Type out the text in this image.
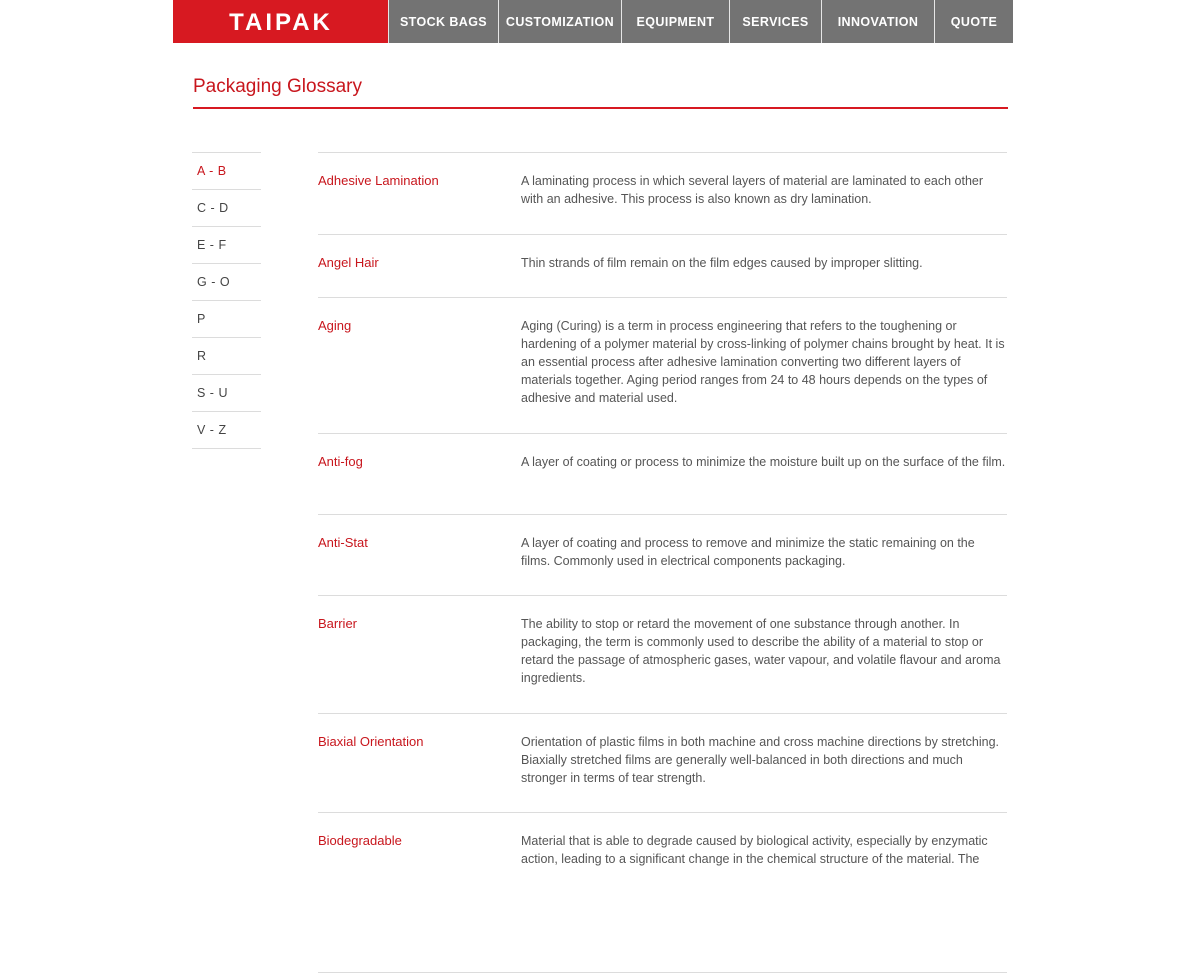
TAIPAK	STOCK BAGS	CUSTOMIZATION	EQUIPMENT	SERVICES	INNOVATION	QUOTE
Packaging Glossary
A - B
C - D
E - F
G - O
P
R
S - U
V - Z
Adhesive Lamination	A laminating process in which several layers of material are laminated to each other with an adhesive. This process is also known as dry lamination.
Angel Hair	Thin strands of film remain on the film edges caused by improper slitting.
Aging	Aging (Curing) is a term in process engineering that refers to the toughening or hardening of a polymer material by cross-linking of polymer chains brought by heat. It is an essential process after adhesive lamination converting two different layers of materials together. Aging period ranges from 24 to 48 hours depends on the types of adhesive and material used.
Anti-fog	A layer of coating or process to minimize the moisture built up on the surface of the film.
Anti-Stat	A layer of coating and process to remove and minimize the static remaining on the films. Commonly used in electrical components packaging.
Barrier	The ability to stop or retard the movement of one substance through another. In packaging, the term is commonly used to describe the ability of a material to stop or retard the passage of atmospheric gases, water vapour, and volatile flavour and aroma ingredients.
Biaxial Orientation	Orientation of plastic films in both machine and cross machine directions by stretching. Biaxially stretched films are generally well-balanced in both directions and much stronger in terms of tear strength.
Biodegradable	Material that is able to degrade caused by biological activity, especially by enzymatic action, leading to a significant change in the chemical structure of the material. The
